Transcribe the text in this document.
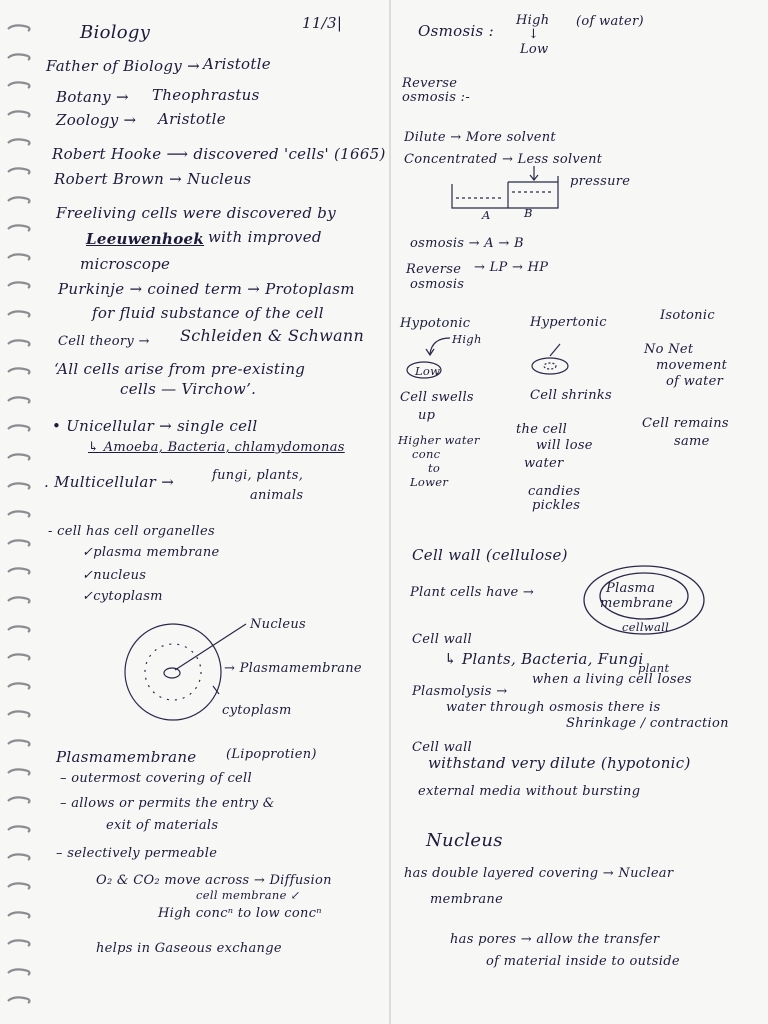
11/3|
Biology
Father of Biology → Aristotle
Botany → Theophrastus
Zoology → Aristotle
Robert Hooke ⟶ discovered 'cells' (1665)
Robert Brown → Nucleus
Freeliving cells were discovered by
Leeuwenhoek with improved
microscope
Purkinje → coined term → Protoplasm
for fluid substance of the cell
Cell theory → Schleiden & Schwann
‘All cells arise from pre-existing
cells — Virchow’.
• Unicellular → single cell
↳ Amoeba, Bacteria, chlamydomonas
. Multicellular →	fungi, plants,
animals
- cell has cell organelles
✓plasma membrane
✓nucleus
✓cytoplasm
Nucleus
→ Plasmamembrane
cytoplasm
Plasmamembrane (Lipoprotien)
– outermost covering of cell
– allows or permits the entry &
exit of materials
– selectively permeable
O₂ & CO₂ move across → Diffusion
cell membrane ↙
High concⁿ to low concⁿ
helps in Gaseous exchange
Osmosis :
High
↓
Low
(of water)
Reverse
osmosis :-
Dilute → More solvent
Concentrated → Less solvent
pressure
A	B
osmosis → A → B
Reverse
osmosis
→ LP → HP
Hypotonic
High
Low
Hypertonic	Isotonic
No Net
movement
of water
Cell swells
up
Higher water
conc
to
Lower
Cell shrinks
the cell
will lose
water
candies
pickles
Cell remains
same
Cell wall (cellulose)
Plant cells have →	Plasma
membrane
cellwall
Cell wall
↳ Plants, Bacteria, Fungi
Plasmolysis →
plant
when a living cell loses
water through osmosis there is
Shrinkage / contraction
Cell wall
withstand very dilute (hypotonic)
external media without bursting
Nucleus
has double layered covering → Nuclear
membrane
has pores → allow the transfer
of material inside to outside
